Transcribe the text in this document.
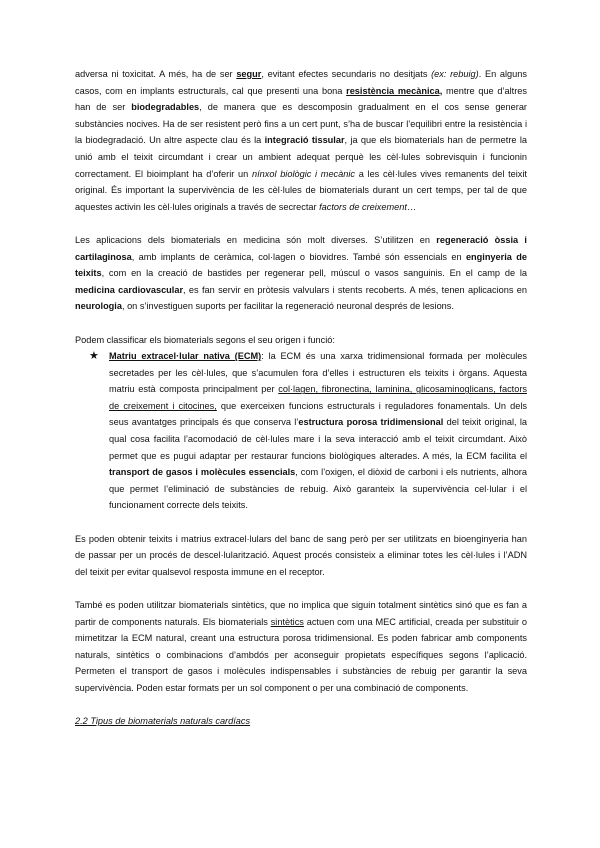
adversa ni toxicitat. A més, ha de ser segur, evitant efectes secundaris no desitjats (ex: rebuig). En alguns casos, com en implants estructurals, cal que presenti una bona resistència mecànica, mentre que d’altres han de ser biodegradables, de manera que es descomposin gradualment en el cos sense generar substàncies nocives. Ha de ser resistent però fins a un cert punt, s’ha de buscar l’equilibri entre la resistència i la biodegradació. Un altre aspecte clau és la integració tissular, ja que els biomaterials han de permetre la unió amb el teixit circumdant i crear un ambient adequat perquè les cèl·lules sobrevisquin i funcionin correctament. El bioimplant ha d’oferir un nínxol biològic i mecànic a les cèl·lules vives remanents del teixit original. És important la supervivència de les cèl·lules de biomaterials durant un cert temps, per tal de que aquestes activin les cèl·lules originals a través de secrectar factors de creixement…

Les aplicacions dels biomaterials en medicina són molt diverses. S’utilitzen en regeneració òssia i cartilaginosa, amb implants de ceràmica, col·lagen o biovidres. També són essencials en enginyeria de teixits, com en la creació de bastides per regenerar pell, múscul o vasos sanguinis. En el camp de la medicina cardiovascular, es fan servir en pròtesis valvulars i stents recoberts. A més, tenen aplicacions en neurologia, on s’investiguen suports per facilitar la regeneració neuronal després de lesions.

Podem classificar els biomaterials segons el seu origen i funció:

★ Matriu extracel·lular nativa (ECM): la ECM és una xarxa tridimensional formada per molècules secretades per les cèl·lules, que s’acumulen fora d’elles i estructuren els teixits i òrgans. Aquesta matriu està composta principalment per col·lagen, fibronectina, laminina, glicosaminoglicans, factors de creixement i citocines, que exerceixen funcions estructurals i reguladores fonamentals. Un dels seus avantatges principals és que conserva l’estructura porosa tridimensional del teixit original, la qual cosa facilita l’acomodació de cèl·lules mare i la seva interacció amb el teixit circumdant. Això permet que es pugui adaptar per restaurar funcions biològiques alterades. A més, la ECM facilita el transport de gasos i molècules essencials, com l’oxigen, el diòxid de carboni i els nutrients, alhora que permet l’eliminació de substàncies de rebuig. Això garanteix la supervivència cel·lular i el funcionament correcte dels teixits.

Es poden obtenir teixits i matrius extracel·lulars del banc de sang però per ser utilitzats en bioenginyeria han de passar per un procés de descel·lularització. Aquest procés consisteix a eliminar totes les cèl·lules i l’ADN del teixit per evitar qualsevol resposta immune en el receptor.

També es poden utilitzar biomaterials sintètics, que no implica que siguin totalment sintètics sinó que es fan a partir de components naturals. Els biomaterials sintètics actuen com una MEC artificial, creada per substituir o mimetitzar la ECM natural, creant una estructura porosa tridimensional. Es poden fabricar amb components naturals, sintètics o combinacions d’ambdós per aconseguir propietats específiques segons l’aplicació. Permeten el transport de gasos i molècules indispensables i substàncies de rebuig per garantir la seva supervivència. Poden estar formats per un sol component o per una combinació de components.

2.2 Tipus de biomaterials naturals cardíacs
